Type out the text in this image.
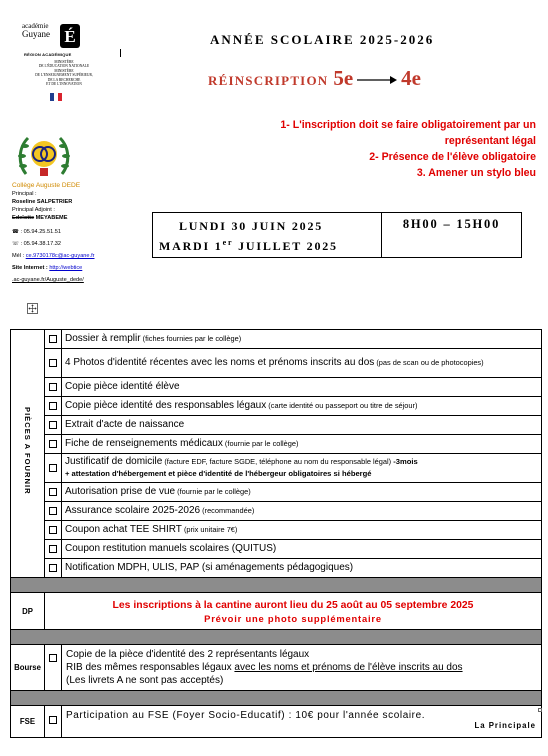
académie
Guyane É
RÉGION ACADÉMIQUE
MINISTÈRE
DE L'ÉDUCATION NATIONALE
MINISTÈRE
DE L'ENSEIGNEMENT SUPÉRIEUR,
DE LA RECHERCHE
ET DE L'INNOVATION
ANNÉE SCOLAIRE 2025-2026
RÉINSCRIPTION 5e 4e
1- L'inscription doit se faire obligatoirement par un
représentant légal
2- Présence de l'élève obligatoire
3. Amener un stylo bleu
Collège Auguste DEDE
Principal :
Roseline SALPETRIER
Principal Adjoint :
Edelotte MEYABEME
☎ : 05.94.25.51.51
☏ : 05.94.38.17.32
Mél : ce.9730178c@ac-guyane.fr
Site Internet : http://webtice
.ac-guyane.fr/Auguste_dede/
LUNDI 30 JUIN 2025
MARDI 1er JUILLET 2025
8H00 – 15H00
PIÈCES A FOURNIR		Dossier à remplir (fiches fournies par le collège)
		4 Photos d'identité récentes avec les noms et prénoms inscrits au dos (pas de scan ou de photocopies)
		Copie pièce identité élève
		Copie pièce identité des responsables légaux (carte identité ou passeport ou titre de séjour)
		Extrait d'acte de naissance
		Fiche de renseignements médicaux (fournie par le collège)
		Justificatif de domicile (facture EDF, facture SGDE, téléphone au nom du responsable légal) -3mois
+ attestation d'hébergement et pièce d'identité de l'hébergeur obligatoires si hébergé
		Autorisation prise de vue (fournie par le collège)
		Assurance scolaire 2025-2026 (recommandée)
		Coupon achat TEE SHIRT (prix unitaire 7€)
		Coupon restitution manuels scolaires (QUITUS)
		Notification MDPH, ULIS, PAP (si aménagements pédagogiques)

DP	Les inscriptions à la cantine auront lieu du 25 août au 05 septembre 2025
Prévoir une photo supplémentaire	

Bourse		Copie de la pièce d'identité des 2 représentants légaux
RIB des mêmes responsables légaux avec les noms et prénoms de l'élève inscrits au dos
(Les livrets A ne sont pas acceptés)

FSE		Participation au FSE (Foyer Socio-Educatif) : 10€ pour l'année scolaire.
La Principale
